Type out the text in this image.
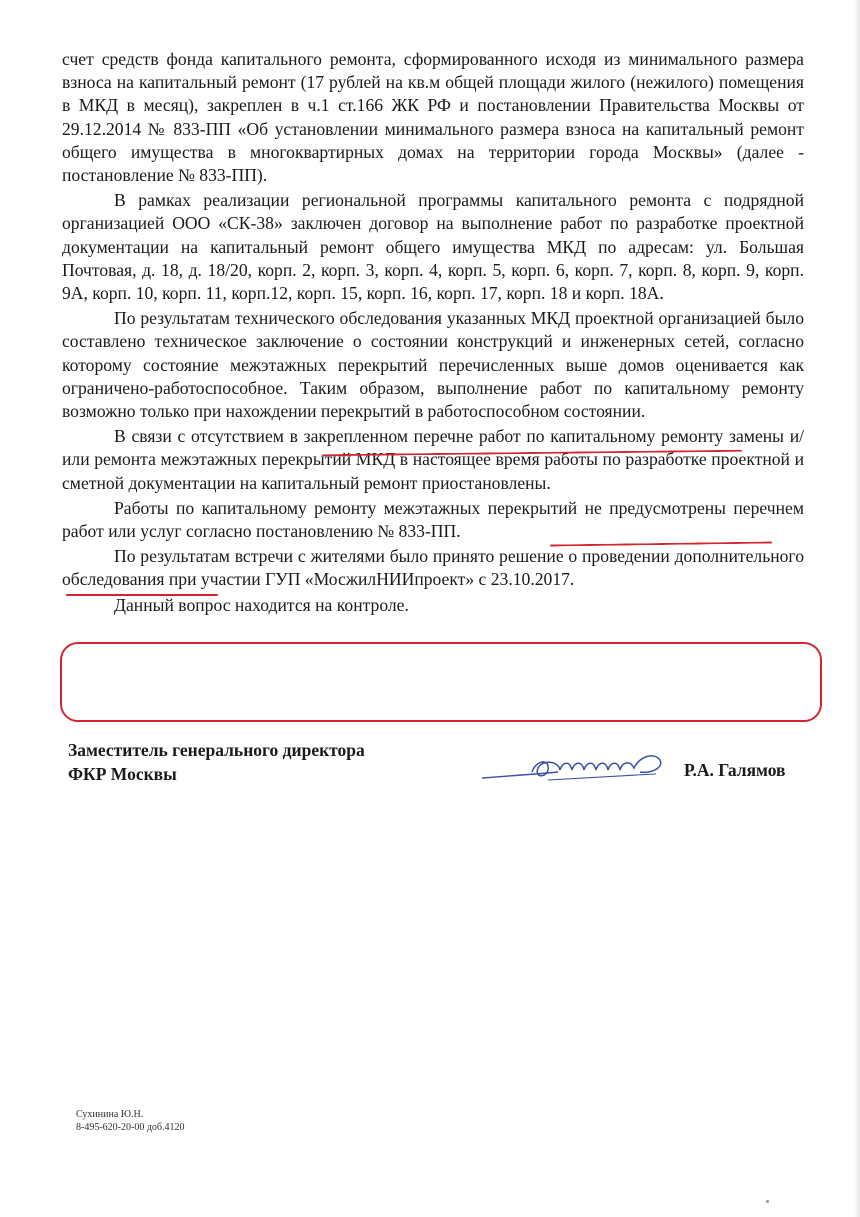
счет средств фонда капитального ремонта, сформированного исходя из минимального размера взноса на капитальный ремонт (17 рублей на кв.м общей площади жилого (нежилого) помещения в МКД в месяц), закреплен в ч.1 ст.166 ЖК РФ и постановлении Правительства Москвы от 29.12.2014 № 833-ПП «Об установлении минимального размера взноса на капитальный ремонт общего имущества в многоквартирных домах на территории города Москвы» (далее - постановление № 833-ПП).

В рамках реализации региональной программы капитального ремонта с подрядной организацией ООО «СК-38» заключен договор на выполнение работ по разработке проектной документации на капитальный ремонт общего имущества МКД по адресам: ул. Большая Почтовая, д. 18, д. 18/20, корп. 2, корп. 3, корп. 4, корп. 5, корп. 6, корп. 7, корп. 8, корп. 9, корп. 9А, корп. 10, корп. 11, корп.12, корп. 15, корп. 16, корп. 17, корп. 18 и корп. 18А.

По результатам технического обследования указанных МКД проектной организацией было составлено техническое заключение о состоянии конструкций и инженерных сетей, согласно которому состояние межэтажных перекрытий перечисленных выше домов оценивается как ограничено-работоспособное. Таким образом, выполнение работ по капитальному ремонту возможно только при нахождении перекрытий в работоспособном состоянии.

В связи с отсутствием в закрепленном перечне работ по капитальному ремонту замены и/или ремонта межэтажных перекрытий МКД в настоящее время работы по разработке проектной и сметной документации на капитальный ремонт приостановлены.

Работы по капитальному ремонту межэтажных перекрытий не предусмотрены перечнем работ или услуг согласно постановлению № 833-ПП.

По результатам встречи с жителями было принято решение о проведении дополнительного обследования при участии ГУП «МосжилНИИпроект» с 23.10.2017.

Данный вопрос находится на контроле.

Заместитель генерального директора
ФКР Москвы	Р.А. Галямов
Сухинина Ю.Н.
8-495-620-20-00 доб.4120
